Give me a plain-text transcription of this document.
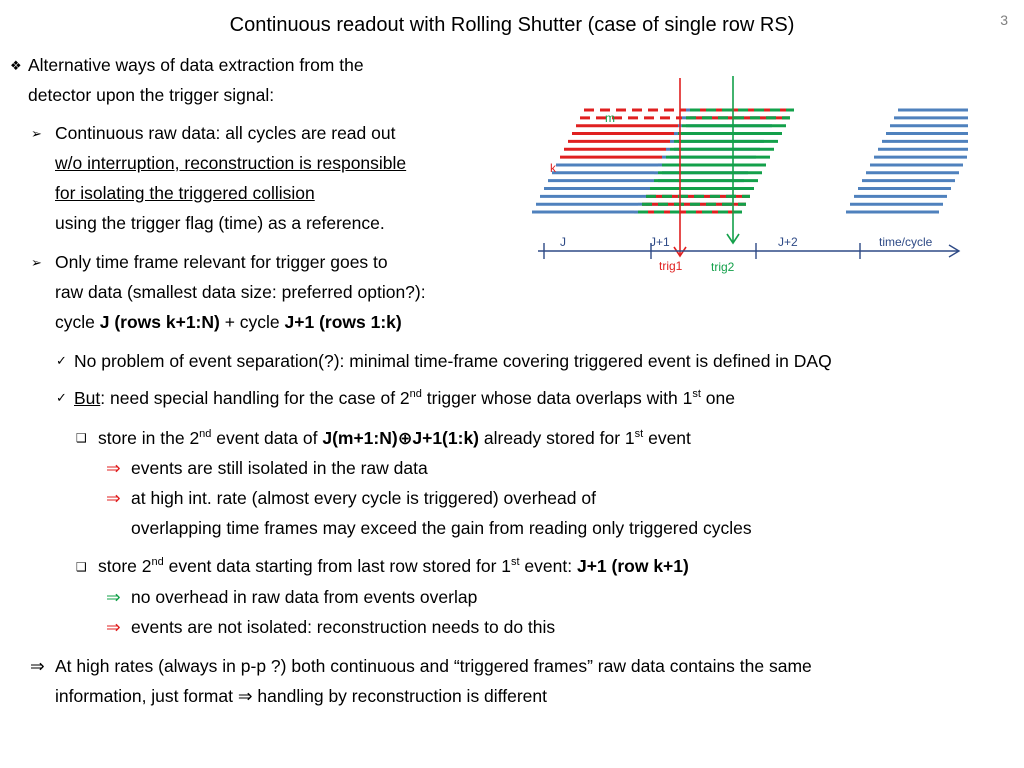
Continuous readout with Rolling Shutter (case of single row RS)	3
❖ Alternative ways of data extraction from the
detector upon the trigger signal:
➢ Continuous raw data: all cycles are read out
w/o interruption, reconstruction is responsible
for isolating the triggered collision
using the trigger flag (time) as a reference.
➢ Only time frame relevant for trigger goes to
raw data (smallest data size: preferred option?):
cycle J (rows k+1:N) + cycle J+1 (rows 1:k)
J	J+1	J+2	time/cycle
m
k
trig1 trig2
✓ No problem of event separation(?): minimal time-frame covering triggered event is defined in DAQ
✓ But: need special handling for the case of 2nd trigger whose data overlaps with 1st one
❑ store in the 2nd event data of J(m+1:N)⊕J+1(1:k) already stored for 1st event
⇒ events are still isolated in the raw data
⇒ at high int. rate (almost every cycle is triggered) overhead of
overlapping time frames may exceed the gain from reading only triggered cycles
❑ store 2nd event data starting from last row stored for 1st event: J+1 (row k+1)
⇒ no overhead in raw data from events overlap
⇒ events are not isolated: reconstruction needs to do this
⇒ At high rates (always in p-p ?) both continuous and “triggered frames” raw data contains the same
information, just format ⇒ handling by reconstruction is different
